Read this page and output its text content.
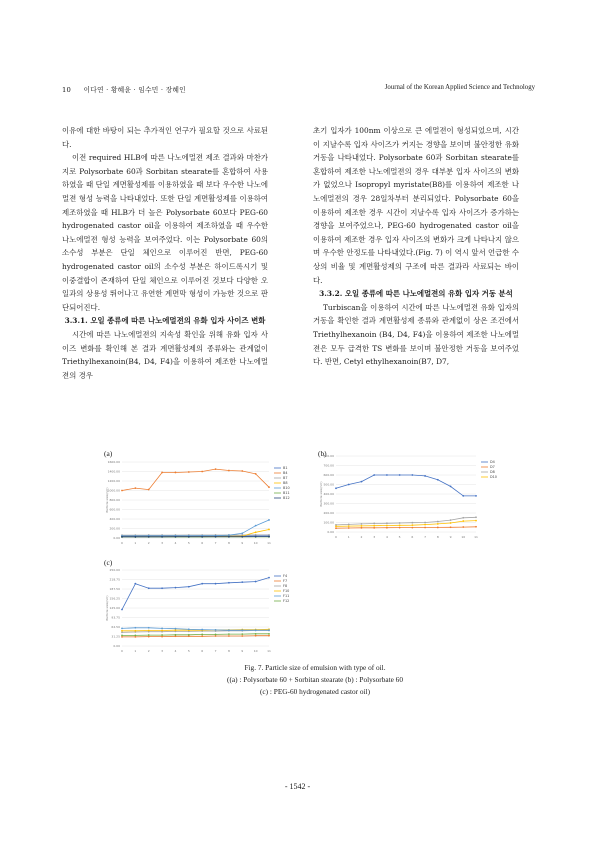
10 이다연 · 황혜윤 · 임수민 · 장혜인	Journal of the Korean Applied Science and Technology

이유에 대한 바탕이 되는 추가적인 연구가 필요할 것으로 사료된다.

이전 required HLB에 따른 나노에멀젼 제조 결과와 마찬가지로 Polysorbate 60과 Sorbitan stearate를 혼합하여 사용하였을 때 단일 계면활성제를 이용하였을 때 보다 우수한 나노에멀젼 형성 능력을 나타내었다. 또한 단일 계면활성제를 이용하여 제조하였을 때 HLB가 더 높은 Polysorbate 60보다 PEG-60 hydrogenated castor oil을 이용하여 제조하였을 때 우수한 나노에멀젼 형성 능력을 보여주었다. 이는 Polysorbate 60의 소수성 부분은 단일 체인으로 이루어진 반면, PEG-60 hydrogenated castor oil의 소수성 부분은 하이드록시기 및 이중결합이 존재하여 단일 체인으로 이루어진 것보다 다양한 오일과의 상용성 뛰어나고 유연한 계면막 형성이 가능한 것으로 판단되어진다.

3.3.1. 오일 종류에 따른 나노에멀젼의 유화 입자 사이즈 변화

시간에 따른 나노에멀젼의 지속성 확인을 위해 유화 입자 사이즈 변화를 확인해 본 결과 계면활성제의 종류와는 관계없이 Triethylhexanoin(B4, D4, F4)을 이용하여 제조한 나노에멀젼의 경우

초기 입자가 100nm 이상으로 큰 에멀젼이 형성되었으며, 시간이 지날수록 입자 사이즈가 커지는 경향을 보이며 불안정한 유화 거동을 나타내었다. Polysorbate 60과 Sorbitan stearate를 혼합하여 제조한 나노에멀젼의 경우 대부분 입자 사이즈의 변화가 없었으나 Isopropyl myristate(B8)를 이용하여 제조한 나노에멀젼의 경우 28일차부터 분리되었다. Polysorbate 60을 이용하여 제조한 경우 시간이 지날수록 입자 사이즈가 증가하는 경향을 보여주었으나, PEG-60 hydrogenated castor oil을 이용하여 제조한 경우 입자 사이즈의 변화가 크게 나타나지 않으며 우수한 안정도를 나타내었다.(Fig. 7) 이 역시 앞서 언급한 수상의 비율 및 계면활성제의 구조에 따른 결과라 사료되는 바이다.

3.3.2. 오일 종류에 따른 나노에멀젼의 유화 입자 거동 분석

Turbiscan을 이용하여 시간에 따른 나노에멀젼 유화 입자의 거동을 확인한 결과 계면활성제 종류와 관계없이 상온 조건에서 Triethylhexanoin (B4, D4, F4)을 이용하여 제조한 나노에멀젼은 모두 급격한 TS 변화를 보이며 불안정한 거동을 보여주었다. 반면, Cetyl ethylhexanoin(B7, D7,

(a)	(b)
(c)
0.00
200.00
400.00
600.00
800.00
1000.00
1200.00
1400.00
1600.00
0	1	2	3	4	5	6	7	8	9	10	11
Particle size(nm)
B1
B4
B7
B8
B10
B11
B12
0.00
100.00
200.00
300.00
400.00
500.00
600.00
700.00
800.00
0	1	2	3	4	5	6	7	8	9	10	11
Particle size(nm)
D4
D7
D8
D10
0.00
31.25
62.50
93.75
125.00
156.25
187.50
218.75
250.00
0	1	2	3	4	5	6	7	8	9	10	11
Particle size(nm)
F4
F7
F8
F10
F11
F12
Fig. 7. Particle size of emulsion with type of oil.
((a) : Polysorbate 60 + Sorbitan stearate (b) : Polysorbate 60
(c) : PEG-60 hydrogenated castor oil)
- 1542 -
